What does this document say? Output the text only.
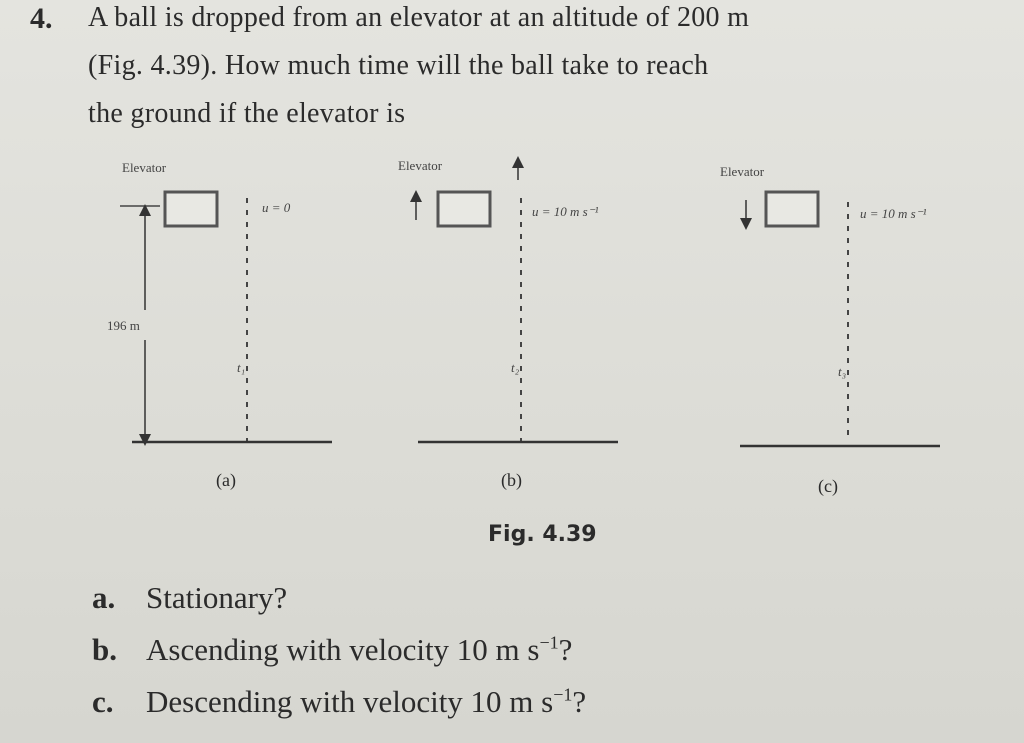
4. A ball is dropped from an elevator at an altitude of 200 m
(Fig. 4.39). How much time will the ball take to reach
the ground if the elevator is
Elevator
196 m
u = 0
t₁
Elevator
u = 10 m s⁻¹
t₂
Elevator
u = 10 m s⁻¹
t₃
(a)	(b)	(c)
Fig. 4.39
a. Stationary?
b. Ascending with velocity 10 m $s^{-1}$?
c. Descending with velocity 10 m $s^{-1}$?
